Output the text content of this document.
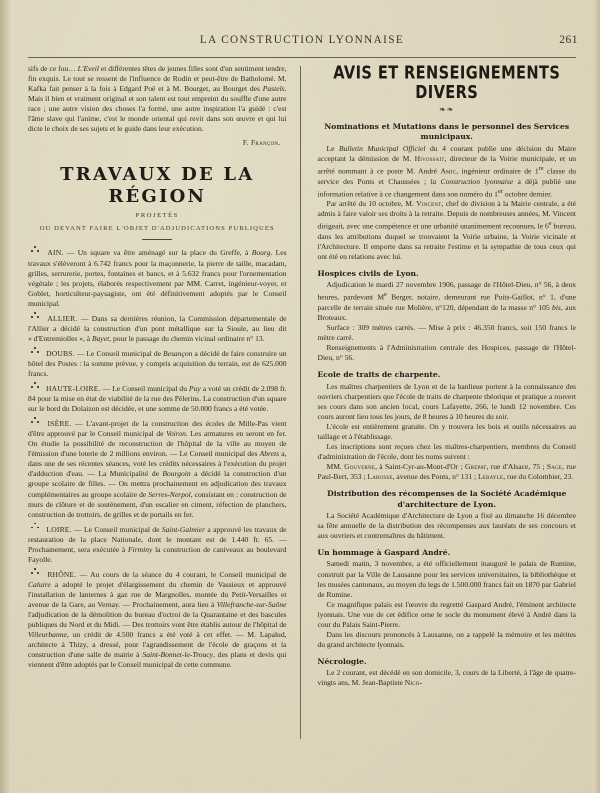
LA CONSTRUCTION LYONNAISE	261

sifs de ce fou… L'Eveil et différentes têtes de jeunes filles sont d'un sentiment tendre, fin exquis. Le tout se ressent de l'influence de Rodin et peut-être de Batholomé. M. Kafka fait penser à la fois à Edgard Poë et à M. Bourget, au Bourget des Pastels. Mais il bien et vraiment original et son talent est tout empreint du souffle d'une autre race ; une autre vision des choses l'a formé, une autre inspiration l'a guidé : c'est l'âme slave qui l'anime, c'est le monde oriental qui revit dans son œuvre et qui lui dicte le choix de ses sujets et le guide dans leur exécution.

F. Françon.
TRAVAUX DE LA RÉGION
PROJETÉS
OU DEVANT FAIRE L'OBJET D'ADJUDICATIONS PUBLIQUES

AIN. — Un square va être aménagé sur la place du Greffe, à Bourg. Les travaux s'élèveront à 6.742 francs pour la maçonnerie, la pierre de taille, macadam, grilles, serrurerie, portes, fontaines et bancs, et à 5.632 francs pour l'ornementation végétale ; les projets, élaborés respectivement par MM. Carret, ingénieur-voyer, et Goblet, horticulteur-paysagiste, ont été définitivement adoptés par le Conseil municipal.

ALLIER. — Dans sa dernières réunion, la Commission départementale de l'Allier a décidé la construction d'un pont métallique sur la Sioule, au lieu dit « d'Entremiolles », à Bayet, pour le passage du chemin vicinal ordinaire n° 13.

DOUBS. — Le Conseil municipal de Besançon a décidé de faire construire un hôtel des Postes : la somme prévue, y compris acquisition du terrain, est de 625.000 francs.

HAUTE-LOIRE. — Le Conseil municipal du Puy a voté un crédit de 2.098 fr. 84 pour la mise en état de viabilité de la rue des Pèlerins. La construction d'un square sur le bord du Dolaizon est décidée, et une somme de 50.000 francs a été votée.

ISÈRE. — L'avant-projet de la construction des écoles de Mille-Pas vient d'être approuvé par le Conseil municipal de Voiron. Les armatures en seront en fer. On étudie la possibilité de reconstruction de l'hôpital de la ville au moyen de l'émission d'une loterie de 2 millions environ. — Le Conseil municipal des Abrets a, dans une de ses récentes séances, voté les crédits nécessaires à l'exécution du projet d'adduction d'eau. — La Municipalité de Bourgoin a décidé la construction d'un groupe scolaire de filles. — On mettra prochainement en adjudication des travaux complémentaires au groupe scolaire de Serres-Nerpol, consistant en : construction de murs de clôture et de soutènement, d'un escalier en ciment, réfection de planchers, construction de trottoirs, de grilles et de portails en fer.

LOIRE. — Le Conseil municipal de Saint-Galmier a approuvé les travaux de restauration de la place Nationale, dont le montant est de 1.440 fr. 65. — Prochainement, sera exécutée à Firminy la construction de caniveaux au boulevard Fayolle.

RHÔNE. — Au cours de la séance du 4 courant, le Conseil municipal de Caluire a adopté le projet d'élargissement du chemin de Vassieux et approuvé l'installation de lanternes à gaz rue de Margnolles, montée du Petit-Versailles et avenue de la Gare, au Vernay. — Prochainement, aura lieu à Villefranche-sur-Saône l'adjudication de la démolition du bureau d'octroi de la Quarantaine et des bascules publiques du Nord et du Midi. — Des trottoirs vont être établis autour de l'hôpital de Villeurbanne, un crédit de 4.500 francs a été voté à cet effet. — M. Lapalud, architecte à Thizy, a dressé, pour l'agrandissement de l'école de graçons et la construction d'une salle de mairie à Saint-Bonnet-le-Troucy, des plans et devis qui viennent d'être adoptés par le Conseil municipal de cette commune.

AVIS ET RENSEIGNEMENTS DIVERS
❧❧
Nominations et Mutations dans le personnel des Services municipaux.

Le Bulletin Municipal Officiel du 4 courant publie une décision du Maire acceptant la démission de M. Hivossait, directeur de la Voirie municipale, et un arrêté nommant à ce poste M. André Amic, ingénieur ordinaire de 1re classe du service des Ponts et Chaussées ; la Construction lyonnaise a déjà publié une information relative à ce changement dans son numéro du 1er octobre dernier.

Par arrêté du 10 octobre, M. Vincent, chef de division à la Mairie centrale, a été admis à faire valoir ses droits à la retraite. Depuis de nombreuses années, M. Vincent dirigeait, avec une compétence et une urbanité unanimement reconnues, le 6e bureau, dans les attributions duquel se trouvaient la Voirie urbaine, la Voirie vicinale et l'Architecture. Il emporte dans sa retraite l'estime et la sympathie de tous ceux qui ont été en relations avec lui.

Hospices civils de Lyon.

Adjudication le mardi 27 novembre 1906, passage de l'Hôtel-Dieu, n° 56, à deux heures, pardevant Me Berger, notaire, demeurant rue Puits-Gaillot, n° 1, d'une parcelle de terrain située rue Molière, n°120, dépendant de la masse n° 105 bis, aux Broteaux.

Surface : 309 mètres carrés. — Mise à prix : 46.350 francs, soit 150 francs le mètre carré.

Renseignements à l'Administration centrale des Hospices, passage de l'Hôtel-Dieu, n° 56.

Ecole de traits de charpente.

Les maîtres charpentiers de Lyon et de la banlieue portent à la connaissance des ouvriers charpentiers que l'école de traits de charpente théorique et pratique a rouvert ses cours dans son ancien local, cours Lafayette, 266, le lundi 12 novembre. Ces cours auront lieu tous les jours, de 8 heures à 10 heures du soir.

L'école est entièrement gratuite. On y trouvera les bois et outils nécessaires au taillage et à l'établissage.

Les inscriptions sont reçues chez les maîtres-charpentiers, membres du Conseil d'administration de l'école, dont les noms suivent :

MM. Gouverne, à Saint-Cyr-au-Mont-d'Or ; Grepat, rue d'Alsace, 75 ; Sage, rue Paul-Bert, 353 ; Larosse, avenue des Ponts, n° 131 ; Lebayle, rue du Colombier, 23.

Distribution des récompenses de la Société Académique d'architecture de Lyon.

La Société Académique d'Architecture de Lyon a fixé au dimanche 16 décembre sa fête annuelle de la distribution des récompenses aux lauréats de ses concours et aux ouvriers et contremaîtres du bâtiment.

Un hommage à Gaspard André.

Samedi matin, 3 novembre, a été officiellement inauguré le palais de Rumine, construit par la Ville de Lausanne pour les services universitaires, la bibliothèque et les musées cantonaux, au moyen du legs de 1.500.000 francs fait en 1870 par Gabriel de Rumine.

Ce magnifique palais est l'œuvre du regretté Gaspard André, l'éminent architecte lyonnais. Une vue de cet édifice orne le socle du monument élevé à André dans la cour du Palais Saint-Pierre.

Dans les discours prononcés à Lausanne, on a rappelé la mémoire et les mérites du grand architecte lyonnais.

Nécrologie.

Le 2 courant, est décédé en son domicile, 3, cours de la Liberté, à l'âge de quatre-vingts ans, M. Jean-Baptiste Nico-
